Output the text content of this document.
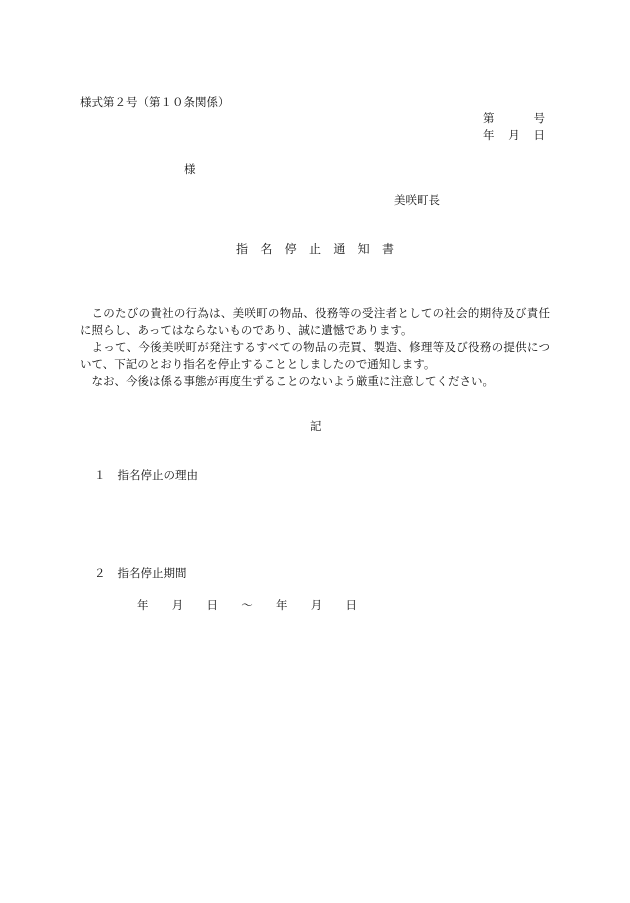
様式第２号（第１０条関係）
第	号
年 月 日
様
美咲町長
指 名 停 止 通 知 書

このたびの貴社の行為は、美咲町の物品、役務等の受注者としての社会的期待及び責任に照らし、あってはならないものであり、誠に遺憾であります。

よって、今後美咲町が発注するすべての物品の売買、製造、修理等及び役務の提供について、下記のとおり指名を停止することとしましたので通知します。

なお、今後は係る事態が再度生ずることのないよう厳重に注意してください。

記
１ 指名停止の理由
２ 指名停止期間
年 月 日 ～ 年 月 日
